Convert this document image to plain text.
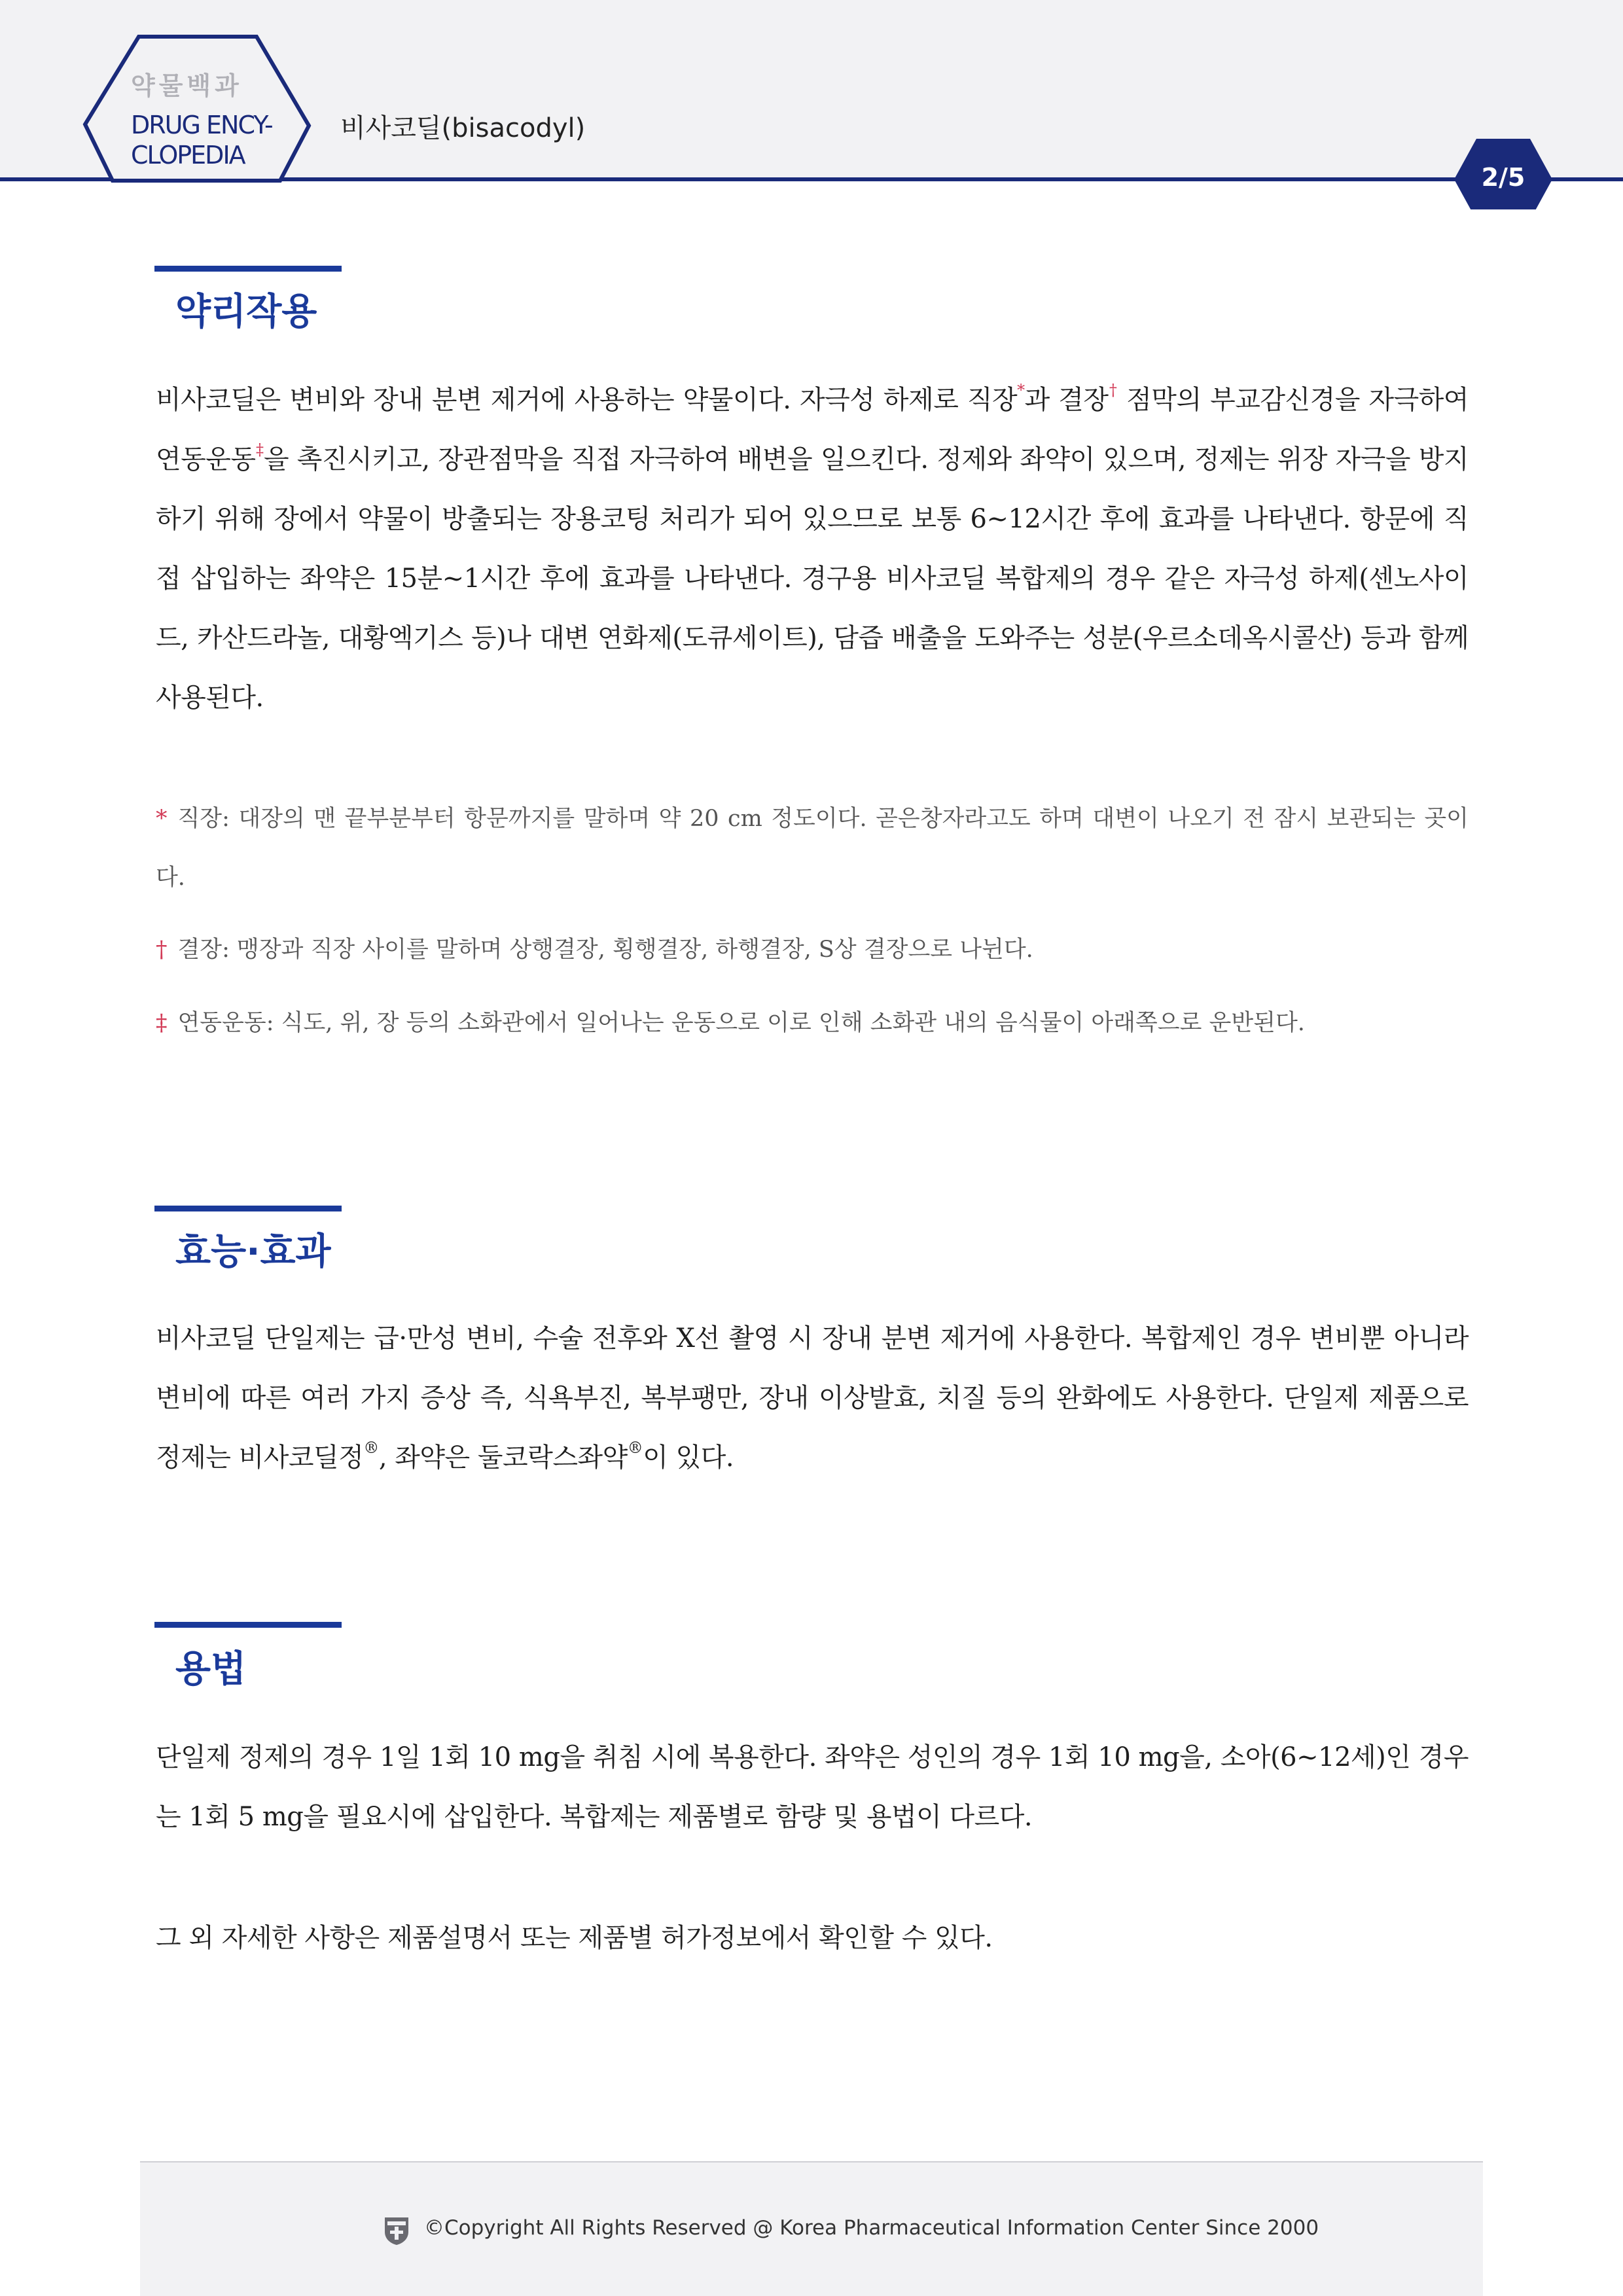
약물백과
DRUG ENCY-
CLOPEDIA
비사코딜(bisacodyl)
2/5
약리작용
비사코딜은 변비와 장내 분변 제거에 사용하는 약물이다. 자극성 하제로 직장*과 결장† 점막의 부교감신경을 자극하여 연동운동‡을 촉진시키고, 장관점막을 직접 자극하여 배변을 일으킨다. 정제와 좌약이 있으며, 정제는 위장 자극을 방지하기 위해 장에서 약물이 방출되는 장용코팅 처리가 되어 있으므로 보통 6~12시간 후에 효과를 나타낸다. 항문에 직접 삽입하는 좌약은 15분~1시간 후에 효과를 나타낸다. 경구용 비사코딜 복합제의 경우 같은 자극성 하제(센노사이드, 카산드라놀, 대황엑기스 등)나 대변 연화제(도큐세이트), 담즙 배출을 도와주는 성분(우르소데옥시콜산) 등과 함께 사용된다.
* 직장: 대장의 맨 끝부분부터 항문까지를 말하며 약 20 cm 정도이다. 곧은창자라고도 하며 대변이 나오기 전 잠시 보관되는 곳이다.
† 결장: 맹장과 직장 사이를 말하며 상행결장, 횡행결장, 하행결장, S상 결장으로 나뉜다.
‡ 연동운동: 식도, 위, 장 등의 소화관에서 일어나는 운동으로 이로 인해 소화관 내의 음식물이 아래쪽으로 운반된다.
효능·효과
비사코딜 단일제는 급·만성 변비, 수술 전후와 X선 촬영 시 장내 분변 제거에 사용한다. 복합제인 경우 변비뿐 아니라 변비에 따른 여러 가지 증상 즉, 식욕부진, 복부팽만, 장내 이상발효, 치질 등의 완화에도 사용한다. 단일제 제품으로 정제는 비사코딜정®, 좌약은 둘코락스좌약®이 있다.
용법
단일제 정제의 경우 1일 1회 10 mg을 취침 시에 복용한다. 좌약은 성인의 경우 1회 10 mg을, 소아(6~12세)인 경우는 1회 5 mg을 필요시에 삽입한다. 복합제는 제품별로 함량 및 용법이 다르다.
그 외 자세한 사항은 제품설명서 또는 제품별 허가정보에서 확인할 수 있다.
©Copyright All Rights Reserved @ Korea Pharmaceutical Information Center Since 2000
